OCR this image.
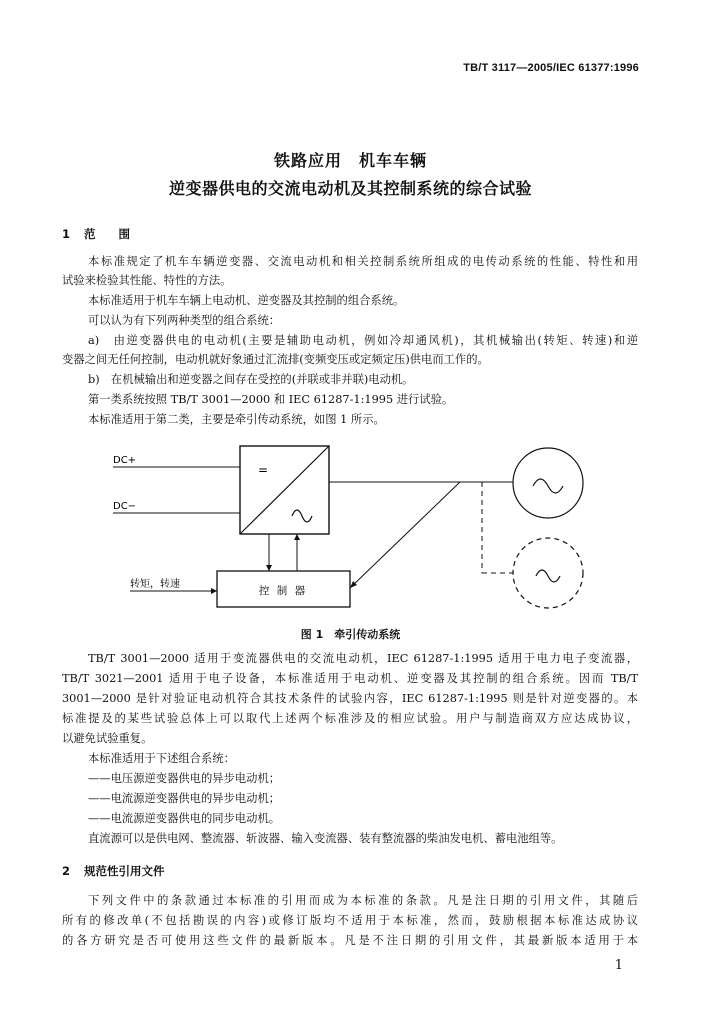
TB/T 3117—2005/IEC 61377:1996
铁路应用　机车车辆
逆变器供电的交流电动机及其控制系统的综合试验
1 范　　围
本标准规定了机车车辆逆变器、交流电动机和相关控制系统所组成的电传动系统的性能、特性和用
试验来检验其性能、特性的方法。
本标准适用于机车车辆上电动机、逆变器及其控制的组合系统。
可以认为有下列两种类型的组合系统：
a)　由逆变器供电的电动机(主要是辅助电动机，例如冷却通风机)，其机械输出(转矩、转速)和逆
变器之间无任何控制，电动机就好象通过汇流排(变频变压或定频定压)供电而工作的。
b)　在机械输出和逆变器之间存在受控的(并联或非并联)电动机。
第一类系统按照 TB/T 3001—2000 和 IEC 61287-1:1995 进行试验。
本标准适用于第二类，主要是牵引传动系统，如图 1 所示。
DC+
DC−
=
控 制 器
转矩，转速
图 1　牵引传动系统
TB/T 3001—2000 适用于变流器供电的交流电动机，IEC 61287-1:1995 适用于电力电子变流器，
TB/T 3021—2001 适用于电子设备，本标准适用于电动机、逆变器及其控制的组合系统。因而 TB/T
3001—2000 是针对验证电动机符合其技术条件的试验内容，IEC 61287-1:1995 则是针对逆变器的。本
标准提及的某些试验总体上可以取代上述两个标准涉及的相应试验。用户与制造商双方应达成协议，
以避免试验重复。
本标准适用于下述组合系统：
——电压源逆变器供电的异步电动机；
——电流源逆变器供电的异步电动机；
——电流源逆变器供电的同步电动机。
直流源可以是供电网、整流器、斩波器、输入变流器、装有整流器的柴油发电机、蓄电池组等。
2 规范性引用文件
下列文件中的条款通过本标准的引用而成为本标准的条款。凡是注日期的引用文件，其随后
所有的修改单(不包括勘误的内容)或修订版均不适用于本标准，然而，鼓励根据本标准达成协议
的各方研究是否可使用这些文件的最新版本。凡是不注日期的引用文件，其最新版本适用于本
1
